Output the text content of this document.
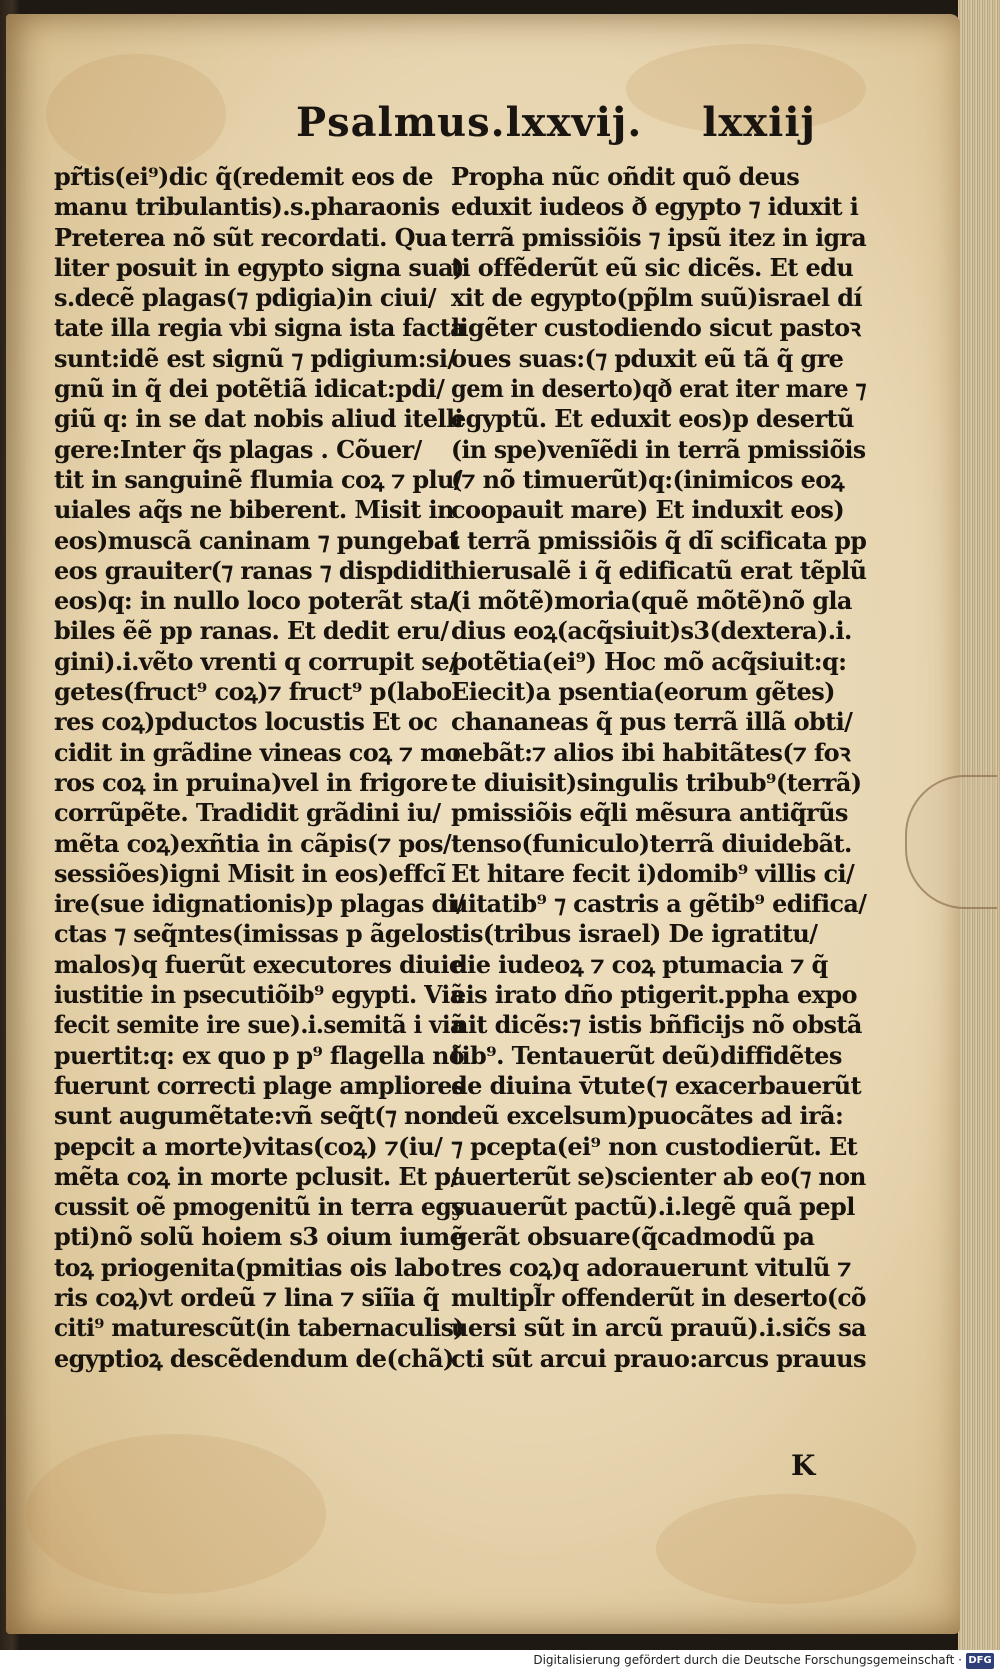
Psalmus.lxxvij. lxxiij
pr̃tis(ei⁹)dic q̃(redemit eos de
manu tribulantis).s.pharaonis
Preterea nõ sũt recordati. Qua
liter posuit in egypto signa sua)
s.decẽ plagas(⁊ pdigia)in ciui/
tate illa regia vbi signa ista facta
sunt:idẽ est signũ ⁊ pdigium:si/
gnũ in q̃ dei potẽtiã idicat:pdi/
giũ q: in se dat nobis aliud itelli
gere:Inter q̃s plagas . Cõuer/
tit in sanguinẽ flumia coꝝ ⁊ plu/
uiales aq̃s ne biberent. Misit in
eos)muscã caninam ⁊ pungebat
eos grauiter(⁊ ranas ⁊ dispdidit
eos)q: in nullo loco poterãt sta/
biles ẽẽ pp ranas. Et dedit eru/
gini).i.vẽto vrenti q corrupit se/
getes(fruct⁹ coꝝ)⁊ fruct⁹ p(labo
res coꝝ)pductos locustis Et oc
cidit in grãdine vineas coꝝ ⁊ mo
ros coꝝ in pruina)vel in frigore
corrũpẽte. Tradidit grãdini iu/
mẽta coꝝ)exñtia in cãpis(⁊ pos/
sessiões)igni Misit in eos)effcĩ
ire(sue idignationis)p plagas di/
ctas ⁊ seq̃ntes(imissas p ãgelos
malos)q fuerũt executores diuie
iustitie in psecutiõib⁹ egypti. Viã
fecit semite ire sue).i.semitã i viã
puertit:q: ex quo p p⁹ flagella nõ
fuerunt correcti plage ampliores
sunt augumẽtate:vñ seq̃t(⁊ non
pepcit a morte)vitas(coꝝ) ⁊(iu/
mẽta coꝝ in morte pclusit. Et p/
cussit oẽ pmogenitũ in terra egy
pti)nõ solũ hoiem s3 oium iumẽ
toꝝ priogenita(pmitias ois labo
ris coꝝ)vt ordeũ ⁊ lina ⁊ siĩia q̃
citi⁹ maturescũt(in tabernaculis)
egyptioꝝ descẽdendum de(chã)
Propha nũc oñdit quõ deus
eduxit iudeos ð egypto ⁊ iduxit i
terrã pmissiõis ⁊ ipsũ itez in igra
ti offẽderũt eũ sic dicẽs. Et edu
xit de egypto(pp̃lm suũ)israel dí
ligẽter custodiendo sicut pastoꝛ
oues suas:(⁊ pduxit eũ tã q̃ gre
gem in deserto)qð erat iter mare ⁊
egyptũ. Et eduxit eos)p desertũ
(in spe)venĩẽdi in terrã pmissiõis
(⁊ nõ timuerũt)q:(inimicos eoꝝ
coopauit mare) Et induxit eos)
i terrã pmissiõis q̃ dĩ scificata pp
hierusalẽ i q̃ edificatũ erat tẽplũ
(i mõtẽ)moria(quẽ mõtẽ)nõ gla
dius eoꝝ(acq̃siuit)s3(dextera).i.
potẽtia(ei⁹) Hoc mõ acq̃siuit:q:
Eiecit)a psentia(eorum gẽtes)
chananeas q̃ pus terrã illã obti/
nebãt:⁊ alios ibi habitãtes(⁊ foꝛ
te diuisit)singulis tribub⁹(terrã)
pmissiõis eq̃li mẽsura antiq̃rũs
tenso(funiculo)terrã diuidebãt.
Et hitare fecit i)domib⁹ villis ci/
uitatib⁹ ⁊ castris a gẽtib⁹ edifica/
tis(tribus israel) De igratitu/
die iudeoꝝ ⁊ coꝝ ptumacia ⁊ q̃
eis irato dño ptigerit.ppha expo
nit dicẽs:⁊ istis bñficijs nõ obstã
tib⁹. Tentauerũt deũ)diffidẽtes
de diuina v̄tute(⁊ exacerbauerũt
deũ excelsum)puocãtes ad irã:
⁊ pcepta(ei⁹ non custodierũt. Et
auerterũt se)scienter ab eo(⁊ non
suauerũt pactũ).i.legẽ quã pepl
gerãt obsuare(q̃cadmodũ pa
tres coꝝ)q adorauerunt vitulũ ⁊
multipl̃r offenderũt in deserto(cõ
uersi sũt in arcũ prauũ).i.sic̃s sa
cti sũt arcui prauo:arcus prauus
K
Digitalisierung gefördert durch die Deutsche Forschungsgemeinschaft · DFG
